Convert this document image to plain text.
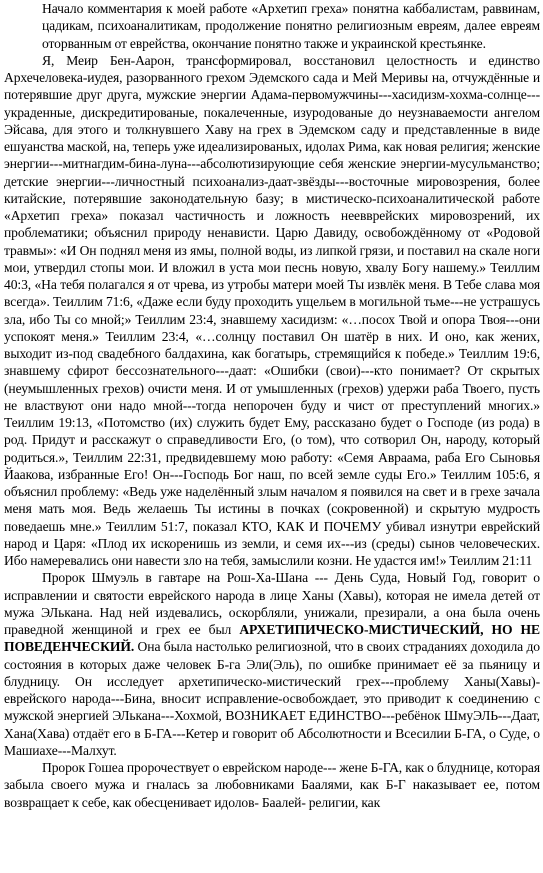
Начало комментария к моей работе «Архетип греха» понятна каббалистам, раввинам, цадикам, психоаналитикам, продолжение понятно религиозным евреям, далее евреям оторванным от еврейства, окончание понятно также и украинской крестьянке.

Я, Меир Бен-Аарон, трансформировал, восстановил целостность и единство Архечеловека-иудея, разорванного грехом Эдемского сада и Мей Меривы на, отчуждённые и потерявшие друг друга, мужские энергии Адама-первомужчины---хасидизм-хохма-солнце---украденные, дискредитированые, покалеченные, изуродованые до неузнаваемости ангелом Эйсава, для этого и толкнувшего Хаву на грех в Эдемском саду и представленные в виде ешуанства маской, на, теперь уже идеализированых, идолах Рима, как новая религия; женские энергии---митнагдим-бина-луна---абсолютизирующие себя женские энергии-мусульманство; детские энергии---личностный психоанализ-даат-звёзды---восточные мировозрения, более китайские, потерявшие законодательную базу; в мистическо-психоаналитической работе «Архетип греха» показал частичность и ложность неевврейских мировозрений, их проблематики; объяснил природу ненависти. Царю Давиду, освобождённому от «Родовой травмы»: «И Он поднял меня из ямы, полной воды, из липкой грязи, и поставил на скале ноги мои, утвердил стопы мои. И вложил в уста мои песнь новую, хвалу Богу нашему.» Теиллим 40:3, «На тебя полагался я от чрева, из утробы матери моей Ты извлёк меня. В Тебе слава моя всегда». Теиллим 71:6, «Даже если буду проходить ущельем в могильной тьме---не устрашусь зла, ибо Ты со мной;» Теиллим 23:4, знавшему хасидизм: «…посох Твой и опора Твоя---они успокоят меня.» Теиллим 23:4, «…солнцу поставил Он шатёр в них. И оно, как жених, выходит из-под свадебного балдахина, как богатырь, стремящийся к победе.» Теиллим 19:6, знавшему сфирот бессознательного---даат: «Ошибки (свои)---кто понимает? От скрытых (неумышленных грехов) очисти меня. И от умышленных (грехов) удержи раба Твоего, пусть не властвуют они надо мной---тогда непорочен буду и чист от преступлений многих.» Теиллим 19:13, «Потомство (их) служить будет Ему, рассказано будет о Господе (из рода) в род. Придут и расскажут о справедливости Его, (о том), что сотворил Он, народу, который родиться.», Теиллим 22:31, предвидевшему мою работу: «Семя Авраама, раба Его Сыновья Йаакова, избранные Его! Он---Господь Бог наш, по всей земле суды Его.» Теиллим 105:6, я объяснил проблему: «Ведь уже наделённый злым началом я появился на свет и в грехе зачала меня мать моя. Ведь желаешь Ты истины в почках (сокровенной) и скрытую мудрость поведаешь мне.» Теиллим 51:7, показал КТО, КАК И ПОЧЕМУ убивал изнутри еврейский народ и Царя: «Плод их искоренишь из земли, и семя их---из (среды) сынов человеческих. Ибо намеревались они навести зло на тебя, замыслили козни. Не удастся им!» Теиллим 21:11

Пророк Шмуэль в гавтаре на Рош-Ха-Шана --- День Суда, Новый Год, говорит о исправлении и святости еврейского народа в лице Ханы (Хавы), которая не имела детей от мужа ЭЛькана. Над ней издевались, оскорбляли, унижали, презирали, а она была очень праведной женщиной и грех ее был АРХЕТИПИЧЕСКО-МИСТИЧЕСКИЙ, НО НЕ ПОВЕДЕНЧЕСКИЙ. Она была настолько религиозной, что в своих страданиях доходила до состояния в которых даже человек Б-га Эли(Эль), по ошибке принимает её за пьяницу и блудницу. Он исследует архетипическо-мистический грех---проблему Ханы(Хавы)-еврейского народа---Бина, вносит исправление-освобождает, это приводит к соединению с мужской энергией ЭЛькана---Хохмой, ВОЗНИКАЕТ ЕДИНСТВО---ребёнок ШмуЭЛЬ---Даат, Хана(Хава) отдаёт его в Б-ГА---Кетер и говорит об Абсолютности и Всесилии Б-ГА, о Суде, о Машиахе---Малхут.

Пророк Гошеа пророчествует о еврейском народе--- жене Б-ГА, как о блуднице, которая забыла своего мужа и гналась за любовниками Баалями, как Б-Г наказывает ее, потом возвращает к себе, как обесценивает идолов- Баалей- религии, как
